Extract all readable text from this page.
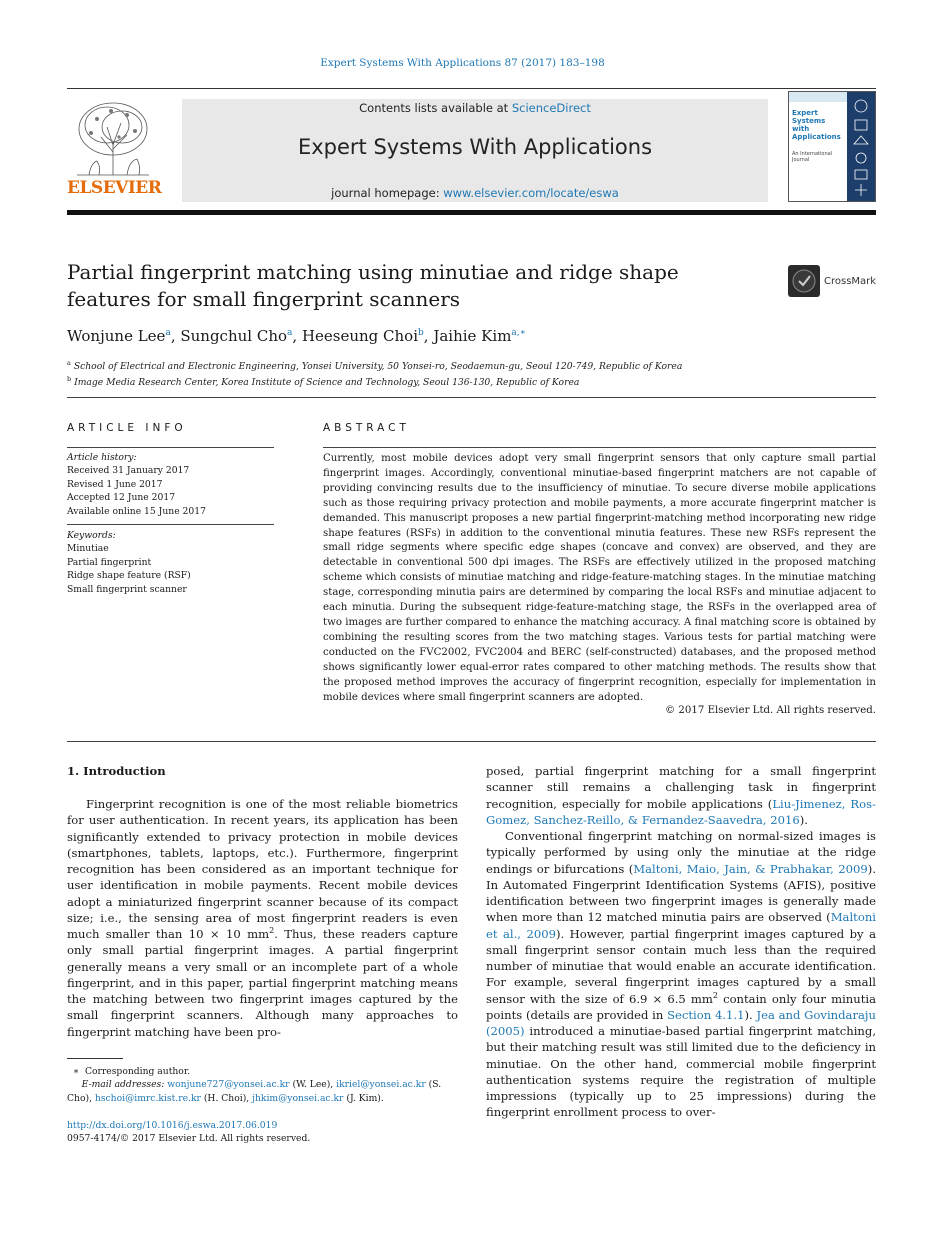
Expert Systems With Applications 87 (2017) 183–198
ELSEVIER
Contents lists available at ScienceDirect
Expert Systems With Applications
journal homepage: www.elsevier.com/locate/eswa
Expert Systems with Applications
An International Journal
Partial fingerprint matching using minutiae and ridge shape features for small fingerprint scanners
CrossMark
Wonjune Lee$^a$, Sungchul Cho$^a$, Heeseung Choi$^b$, Jaihie Kim$^{a,∗}$
$^a$ School of Electrical and Electronic Engineering, Yonsei University, 50 Yonsei-ro, Seodaemun-gu, Seoul 120-749, Republic of Korea
$^b$ Image Media Research Center, Korea Institute of Science and Technology, Seoul 136-130, Republic of Korea
ARTICLE INFO
Article history:
Received 31 January 2017
Revised 1 June 2017
Accepted 12 June 2017
Available online 15 June 2017
Keywords:
Minutiae
Partial fingerprint
Ridge shape feature (RSF)
Small fingerprint scanner
ABSTRACT
Currently, most mobile devices adopt very small fingerprint sensors that only capture small partial fingerprint images. Accordingly, conventional minutiae-based fingerprint matchers are not capable of providing convincing results due to the insufficiency of minutiae. To secure diverse mobile applications such as those requiring privacy protection and mobile payments, a more accurate fingerprint matcher is demanded. This manuscript proposes a new partial fingerprint-matching method incorporating new ridge shape features (RSFs) in addition to the conventional minutia features. These new RSFs represent the small ridge segments where specific edge shapes (concave and convex) are observed, and they are detectable in conventional 500 dpi images. The RSFs are effectively utilized in the proposed matching scheme which consists of minutiae matching and ridge-feature-matching stages. In the minutiae matching stage, corresponding minutia pairs are determined by comparing the local RSFs and minutiae adjacent to each minutia. During the subsequent ridge-feature-matching stage, the RSFs in the overlapped area of two images are further compared to enhance the matching accuracy. A final matching score is obtained by combining the resulting scores from the two matching stages. Various tests for partial matching were conducted on the FVC2002, FVC2004 and BERC (self-constructed) databases, and the proposed method shows significantly lower equal-error rates compared to other matching methods. The results show that the proposed method improves the accuracy of fingerprint recognition, especially for implementation in mobile devices where small fingerprint scanners are adopted.
© 2017 Elsevier Ltd. All rights reserved.
1. Introduction

Fingerprint recognition is one of the most reliable biometrics for user authentication. In recent years, its application has been significantly extended to privacy protection in mobile devices (smartphones, tablets, laptops, etc.). Furthermore, fingerprint recognition has been considered as an important technique for user identification in mobile payments. Recent mobile devices adopt a miniaturized fingerprint scanner because of its compact size; i.e., the sensing area of most fingerprint readers is even much smaller than 10 × 10 $mm^2$. Thus, these readers capture only small partial fingerprint images. A partial fingerprint generally means a very small or an incomplete part of a whole fingerprint, and in this paper, partial fingerprint matching means the matching between two fingerprint images captured by the small fingerprint scanners. Although many approaches to fingerprint matching have been pro-

posed, partial fingerprint matching for a small fingerprint scanner still remains a challenging task in fingerprint recognition, especially for mobile applications (Liu-Jimenez, Ros-Gomez, Sanchez-Reillo, & Fernandez-Saavedra, 2016).

Conventional fingerprint matching on normal-sized images is typically performed by using only the minutiae at the ridge endings or bifurcations (Maltoni, Maio, Jain, & Prabhakar, 2009). In Automated Fingerprint Identification Systems (AFIS), positive identification between two fingerprint images is generally made when more than 12 matched minutia pairs are observed (Maltoni et al., 2009). However, partial fingerprint images captured by a small fingerprint sensor contain much less than the required number of minutiae that would enable an accurate identification. For example, several fingerprint images captured by a small sensor with the size of 6.9 × 6.5 $mm^2$ contain only four minutia points (details are provided in Section 4.1.1). Jea and Govindaraju (2005) introduced a minutiae-based partial fingerprint matching, but their matching result was still limited due to the deficiency in minutiae. On the other hand, commercial mobile fingerprint authentication systems require the registration of multiple impressions (typically up to 25 impressions) during the fingerprint enrollment process to over-

∗ Corresponding author.

E-mail addresses: wonjune727@yonsei.ac.kr (W. Lee), ikriel@yonsei.ac.kr (S. Cho), hschoi@imrc.kist.re.kr (H. Choi), jhkim@yonsei.ac.kr (J. Kim).

http://dx.doi.org/10.1016/j.eswa.2017.06.019
0957-4174/© 2017 Elsevier Ltd. All rights reserved.
